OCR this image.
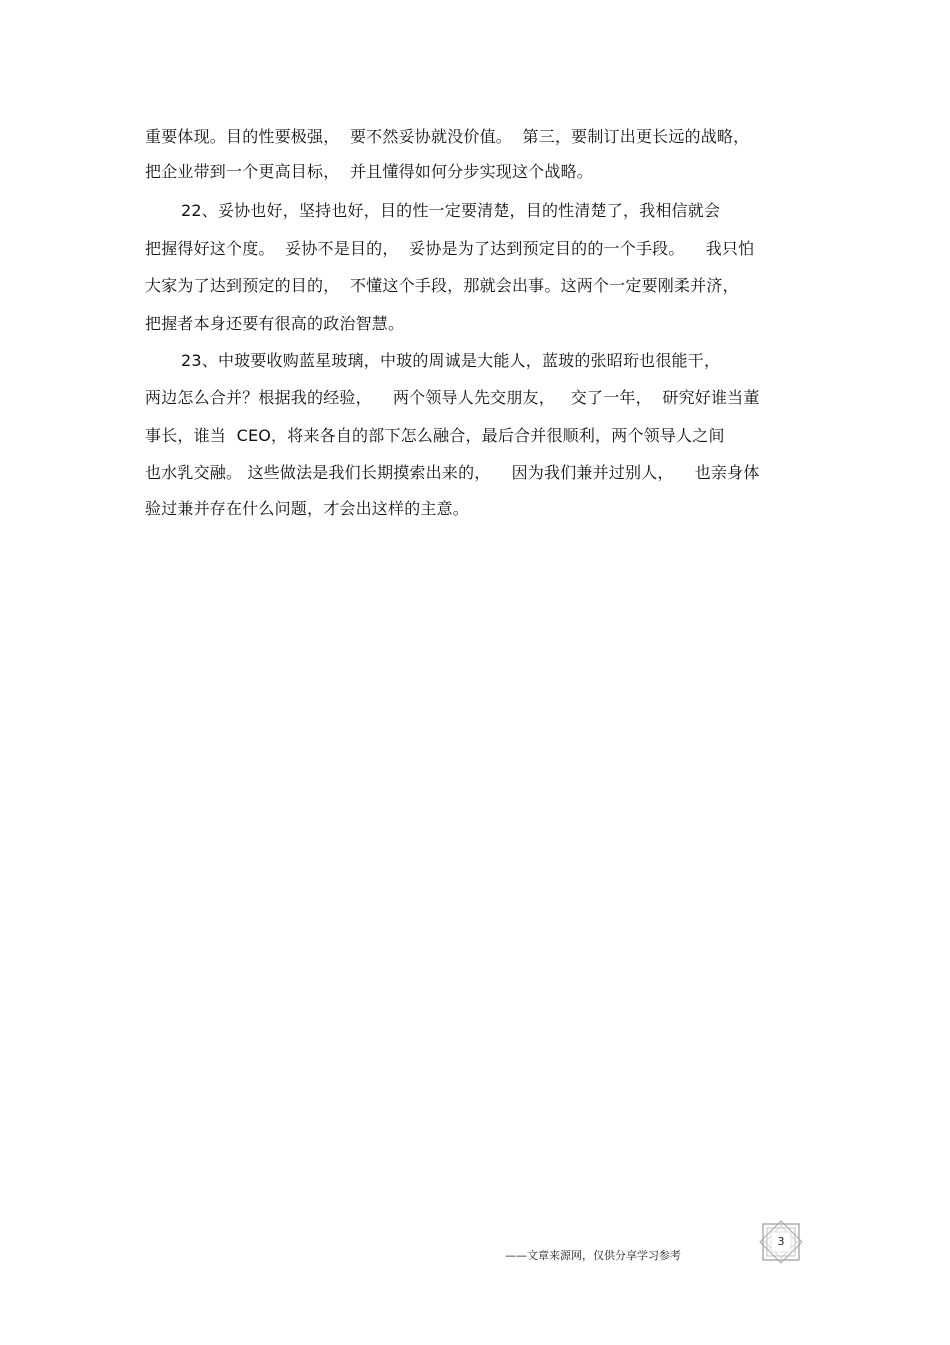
重要体现。目的性要极强，  要不然妥协就没价值。  第三，要制订出更长远的战略，
把企业带到一个更高目标，  并且懂得如何分步实现这个战略。
22、妥协也好，坚持也好，目的性一定要清楚，目的性清楚了，我相信就会
把握得好这个度。  妥协不是目的，  妥协是为了达到预定目的的一个手段。    我只怕
大家为了达到预定的目的，  不懂这个手段，那就会出事。这两个一定要刚柔并济，
把握者本身还要有很高的政治智慧。
23、中玻要收购蓝星玻璃，中玻的周诚是大能人，蓝玻的张昭珩也很能干，
两边怎么合并？根据我的经验，    两个领导人先交朋友，   交了一年，  研究好谁当董
事长，谁当  CEO，将来各自的部下怎么融合，最后合并很顺利，两个领导人之间
也水乳交融。 这些做法是我们长期摸索出来的，    因为我们兼并过别人，    也亲身体
验过兼并存在什么问题，才会出这样的主意。
——文章来源网，仅供分享学习参考
3
